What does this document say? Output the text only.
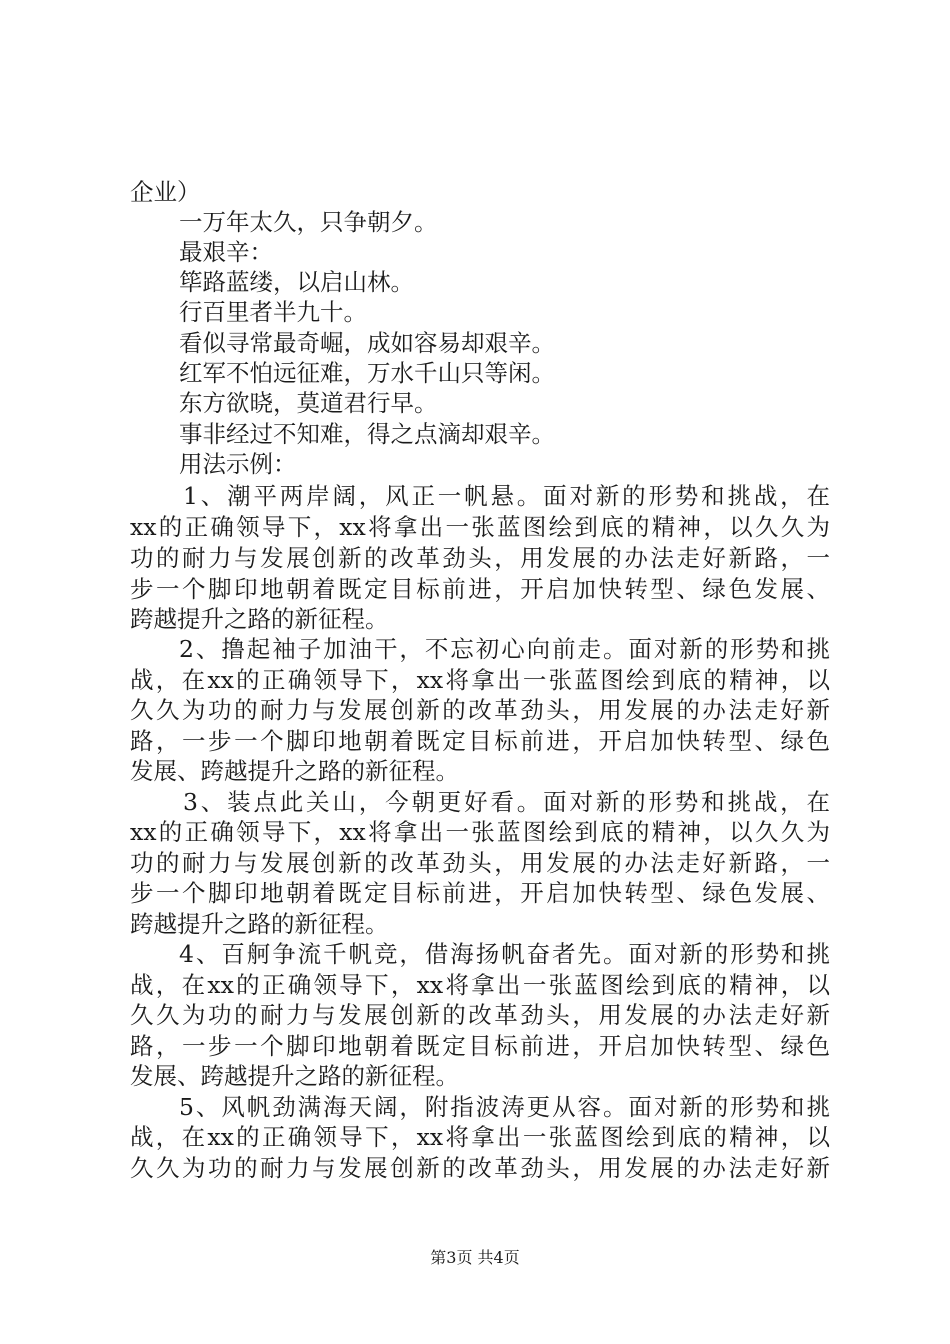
企业）
一万年太久，只争朝夕。
最艰辛：
筚路蓝缕，以启山林。
行百里者半九十。
看似寻常最奇崛，成如容易却艰辛。
红军不怕远征难，万水千山只等闲。
东方欲晓，莫道君行早。
事非经过不知难，得之点滴却艰辛。
用法示例：
1、潮平两岸阔，风正一帆悬。面对新的形势和挑战，在
xx的正确领导下，xx将拿出一张蓝图绘到底的精神，以久久为
功的耐力与发展创新的改革劲头，用发展的办法走好新路，一
步一个脚印地朝着既定目标前进，开启加快转型、绿色发展、
跨越提升之路的新征程。
2、撸起袖子加油干，不忘初心向前走。面对新的形势和挑
战，在xx的正确领导下，xx将拿出一张蓝图绘到底的精神，以
久久为功的耐力与发展创新的改革劲头，用发展的办法走好新
路，一步一个脚印地朝着既定目标前进，开启加快转型、绿色
发展、跨越提升之路的新征程。
3、装点此关山，今朝更好看。面对新的形势和挑战，在
xx的正确领导下，xx将拿出一张蓝图绘到底的精神，以久久为
功的耐力与发展创新的改革劲头，用发展的办法走好新路，一
步一个脚印地朝着既定目标前进，开启加快转型、绿色发展、
跨越提升之路的新征程。
4、百舸争流千帆竞，借海扬帆奋者先。面对新的形势和挑
战，在xx的正确领导下，xx将拿出一张蓝图绘到底的精神，以
久久为功的耐力与发展创新的改革劲头，用发展的办法走好新
路，一步一个脚印地朝着既定目标前进，开启加快转型、绿色
发展、跨越提升之路的新征程。
5、风帆劲满海天阔，附指波涛更从容。面对新的形势和挑
战，在xx的正确领导下，xx将拿出一张蓝图绘到底的精神，以
久久为功的耐力与发展创新的改革劲头，用发展的办法走好新
第3页 共4页
